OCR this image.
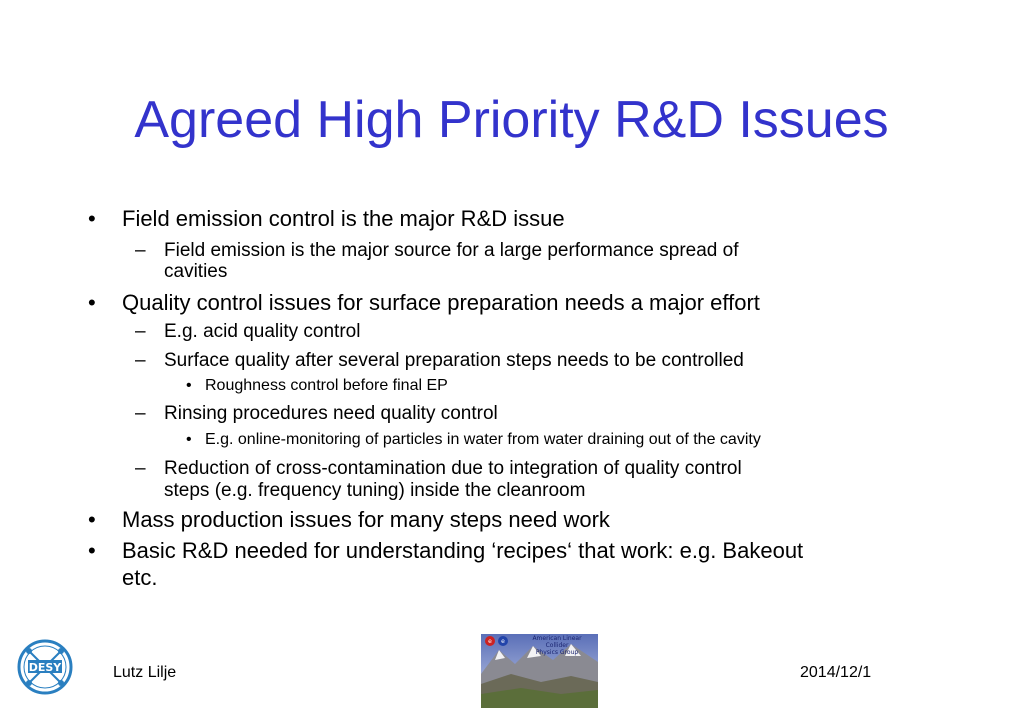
Agreed High Priority R&D Issues
• Field emission control is the major R&D issue
– Field emission is the major source for a large performance spread of
cavities
• Quality control issues for surface preparation needs a major effort
– E.g. acid quality control
– Surface quality after several preparation steps needs to be controlled
• Roughness control before final EP
– Rinsing procedures need quality control
• E.g. online-monitoring of particles in water from water draining out of the cavity
– Reduction of cross-contamination due to integration of quality control
steps (e.g. frequency tuning) inside the cleanroom
• Mass production issues for many steps need work
• Basic R&D needed for understanding ‘recipes‘ that work: e.g. Bakeout
etc.
DESY	Lutz Lilje
e e	American Linear Collider
Physics Group
2014/12/1
